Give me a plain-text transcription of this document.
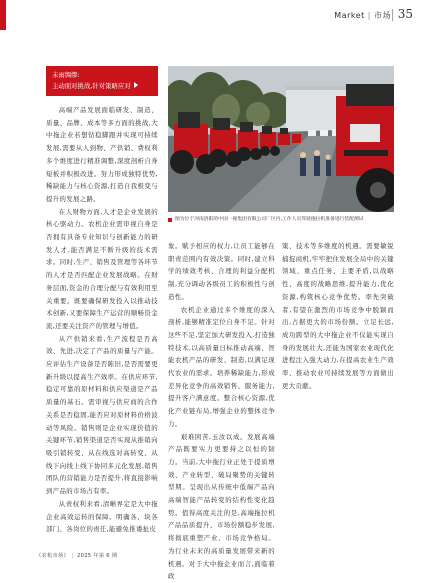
Market | 市场 | 35

高端产品发展面临研发、制造、质量、品牌、成本等多方面的挑战,大中拖企业若想钻稳脚跟并实现可持续发展,需要从人到物、产供销、费权利多个维度进行精准调整,深度剖析自身短板并积极改进。努力形成独特优势,稀缺能力与核心资源,打造自我极变与提升的发展之路。

在人财物方面,人才是企业发展的核心驱动力。农机企业需审视自身是否拥有具备专业知识与创新能力的研发人才,能否满足不断升级的技术需求。同时,生产、销售及管理等各环节的人才是否匹配企业发展战略。在财务层面,资金的合理分配与有效利用至关重要。既要确保研发投入以推动技术创新,又要保障生产运营的顺畅资金流,还要关注资产的管理与增值。

从产供销来看,生产流程是否高效、先进,决定了产品的质量与产能。应评估生产设备是否陈旧,是否需要更新升级以提高生产效率。在供应环节,稳定可靠的原材料和供应渠道是产品质量的基石。需审视与供应商的合作关系是否稳固,能否应对原材料价格波动等风险。销售则是企业实现价值的关键环节,销售渠道是否实现从推销向吸引销转变、从在线选对高转变、从线下向线上线下协同多元化发展,销售团队的营销能力是否提升,将直接影响到产品的市场占有率。

从责权利来看,清晰界定是大中拖企业高效运转的保障。明确各、块各部门、各岗位的责任,能避免推诿扯皮

未雨绸缪:
主动面对挑战,针对策略应对
图为位于河南洛阳的中国一拖集团有限公司厂区内,工作人员驾驶拖拉机准备进行装配测试

象。赋予相应的权力,让员工能够在职责范围内有效决策。同时,建立科学的绩效考核、合理的利益分配机制,充分调动各级员工的积极性与创造性。

农机企业通过多个维度的深入剖析,能够精准定位自身不足。针对这些不足,坚定加大研发投入,打造独特技术,以高质量日标推动高端、智能农机产品的研发、制造,以满足现代农业的需求。培养稀缺能力,形成差异化竞争的高效销售、服务能力,提升客户满意度。整合核心资源,优化产业链布局,增强企业的整体竞争力。

艰难困苦,玉汝以成。发展高端产品既要实力更要持之以恒的韧力。当前,大中拖行业正处于提质增效、产业转型、破局聚势的关键转型期。呈现出从传统中低端产品向高端智能产品转变的结构性变化趋势。值得高度关注的是,高端拖拉机产品品质提升、市场份额稳步发展,将彻底重塑产业、市场竞争格局。为行业未来的高质量发展带来新的机遇。对于大中拖企业而言,面临着政

策、技术等多维度的机遇。需要敏锐捕捉商机,牢牢把住发展全局中的关键领域、重点任务、主要矛盾,以战略性、高度的战略思维,提升能力,优化资源,构筑核心竞争优势。率先突破者,有望在激烈的市场竞争中脱颖而出,占据更大的市场份额。立足长远,成功跨型的大中拖企业不仅能实现自身的发展壮大,还能为国家农业现代化进程注入强大动力,在提高农业生产效率、推动农业可持续发展等方面做出更大贡献。

《农机市场》 | 2025 年第 6 期
